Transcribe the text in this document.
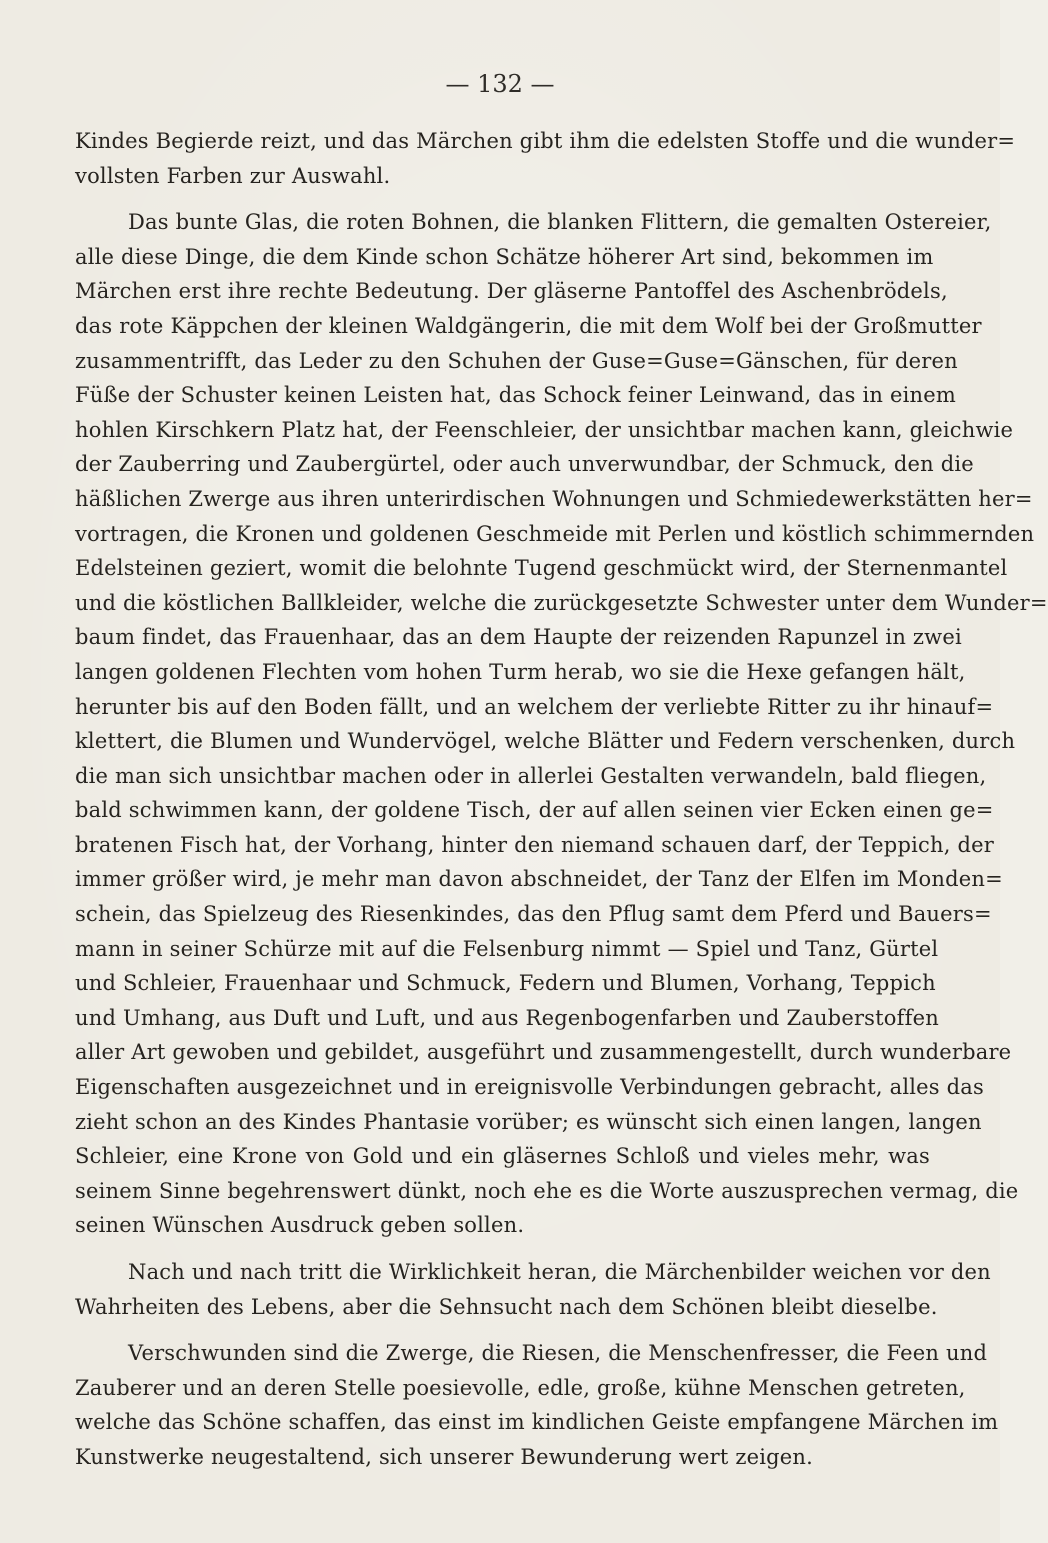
— 132 —
Kindes Begierde reizt, und das Märchen gibt ihm die edelsten Stoffe und die wunder=
vollsten Farben zur Auswahl.
Das bunte Glas, die roten Bohnen, die blanken Flittern, die gemalten Ostereier,
alle diese Dinge, die dem Kinde schon Schätze höherer Art sind, bekommen im
Märchen erst ihre rechte Bedeutung. Der gläserne Pantoffel des Aschenbrödels,
das rote Käppchen der kleinen Waldgängerin, die mit dem Wolf bei der Großmutter
zusammentrifft, das Leder zu den Schuhen der Guse=Guse=Gänschen, für deren
Füße der Schuster keinen Leisten hat, das Schock feiner Leinwand, das in einem
hohlen Kirschkern Platz hat, der Feenschleier, der unsichtbar machen kann, gleichwie
der Zauberring und Zaubergürtel, oder auch unverwundbar, der Schmuck, den die
häßlichen Zwerge aus ihren unterirdischen Wohnungen und Schmiedewerkstätten her=
vortragen, die Kronen und goldenen Geschmeide mit Perlen und köstlich schimmernden
Edelsteinen geziert, womit die belohnte Tugend geschmückt wird, der Sternenmantel
und die köstlichen Ballkleider, welche die zurückgesetzte Schwester unter dem Wunder=
baum findet, das Frauenhaar, das an dem Haupte der reizenden Rapunzel in zwei
langen goldenen Flechten vom hohen Turm herab, wo sie die Hexe gefangen hält,
herunter bis auf den Boden fällt, und an welchem der verliebte Ritter zu ihr hinauf=
klettert, die Blumen und Wundervögel, welche Blätter und Federn verschenken, durch
die man sich unsichtbar machen oder in allerlei Gestalten verwandeln, bald fliegen,
bald schwimmen kann, der goldene Tisch, der auf allen seinen vier Ecken einen ge=
bratenen Fisch hat, der Vorhang, hinter den niemand schauen darf, der Teppich, der
immer größer wird, je mehr man davon abschneidet, der Tanz der Elfen im Monden=
schein, das Spielzeug des Riesenkindes, das den Pflug samt dem Pferd und Bauers=
mann in seiner Schürze mit auf die Felsenburg nimmt — Spiel und Tanz, Gürtel
und Schleier, Frauenhaar und Schmuck, Federn und Blumen, Vorhang, Teppich
und Umhang, aus Duft und Luft, und aus Regenbogenfarben und Zauberstoffen
aller Art gewoben und gebildet, ausgeführt und zusammengestellt, durch wunderbare
Eigenschaften ausgezeichnet und in ereignisvolle Verbindungen gebracht, alles das
zieht schon an des Kindes Phantasie vorüber; es wünscht sich einen langen, langen
Schleier, eine Krone von Gold und ein gläsernes Schloß und vieles mehr, was
seinem Sinne begehrenswert dünkt, noch ehe es die Worte auszusprechen vermag, die
seinen Wünschen Ausdruck geben sollen.
Nach und nach tritt die Wirklichkeit heran, die Märchenbilder weichen vor den
Wahrheiten des Lebens, aber die Sehnsucht nach dem Schönen bleibt dieselbe.
Verschwunden sind die Zwerge, die Riesen, die Menschenfresser, die Feen und
Zauberer und an deren Stelle poesievolle, edle, große, kühne Menschen getreten,
welche das Schöne schaffen, das einst im kindlichen Geiste empfangene Märchen im
Kunstwerke neugestaltend, sich unserer Bewunderung wert zeigen.
